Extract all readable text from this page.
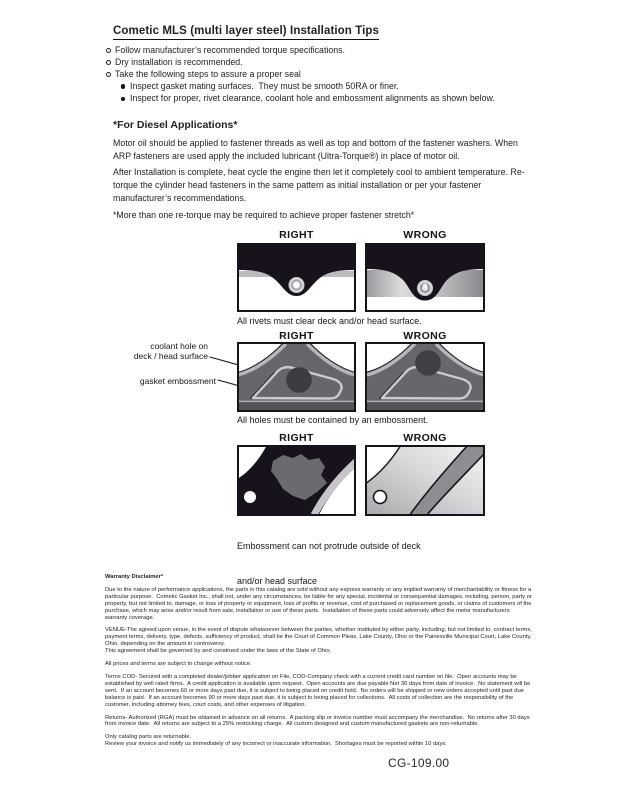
Cometic MLS (multi layer steel) Installation Tips
Follow manufacturer’s recommended torque specifications.
Dry installation is recommended.
Take the following steps to assure a proper seal
Inspect gasket mating surfaces.  They must be smooth 50RA or finer.
Inspect for proper, rivet clearance, coolant hole and embossment alignments as shown below.
*For Diesel Applications*

Motor oil should be applied to fastener threads as well as top and bottom of the fastener washers. When ARP fasteners are used apply the included lubricant (Ultra-Torque®) in place of motor oil.

After Installation is complete, heat cycle the engine then let it completely cool to ambient temperature. Re-torque the cylinder head fasteners in the same pattern as initial installation or per your fastener manufacturer’s recommendations.

*More than one re-torque may be required to achieve proper fastener stretch*

RIGHT	WRONG
All rivets must clear deck and/or head surface.
RIGHT	WRONG
coolant hole on
deck / head surface
gasket embossment
All holes must be contained by an embossment.
RIGHT	WRONG

Embossment can not protrude outside of deck

and/or head surface

Warranty Disclaimer*

Due to the nature of performance applications, the parts in this catalog are sold without any express warranty or any implied warranty of merchantability or fitness for a particular purpose.  Cometic Gasket Inc., shall not, under any circumstances, be liable for any special, incidental or consequential damages, including, person, party or property, but not limited to, damage, or loss of property or equipment, loss of profits or revenue, cost of purchased or replacement goods, or claims of customers of the purchase, which may arise and/or result from sale, installation or use of these parts.  Installation of these parts could adversely affect the motor manufacturers warranty coverage.

VENUE-The agreed upon venue, in the event of dispute whatsoever between the parties, whether instituted by either party, including, but not limited to, contract terms, payment terms, delivery, type, defects, sufficiency of product, shall be the Court of Common Pleas, Lake County, Ohio or the Painesville Municipal Court, Lake County, Ohio, depending on the amount in controversy.

This agreement shall be governed by and construed under the laws of the State of Ohio.

All prices and terms are subject to change without notice.

Terms COD- Secured with a completed dealer/jobber application on File, COD-Company check with a current credit card number on file.  Open accounts may be established by well rated firms.  A credit application is available upon request.  Open accounts are due payable Net 30 days from date of invoice.  No statement will be sent.  If an account becomes 60 or more days past due, it is subject to being placed on credit hold.  No orders will be shipped or new orders accepted until past due balance is paid.  If an account becomes 90 or more days past due, it is subject to being placed for collections.  All costs of collection are the responsibility of the customer, including attorney fees, court costs, and other expenses of litigation.

Returns- Authorized (RGA) must be obtained in advance on all returns.  A packing slip or invoice number must accompany the merchandise.  No returns after 30 days from invoice date.  All returns are subject to a 25% restocking charge.  All custom designed and custom manufactured gaskets are non-returnable.

Only catalog parts are returnable.

Review your invoice and notify us immediately of any incorrect or inaccurate information.  Shortages must be reported within 10 days.

CG-109.00
